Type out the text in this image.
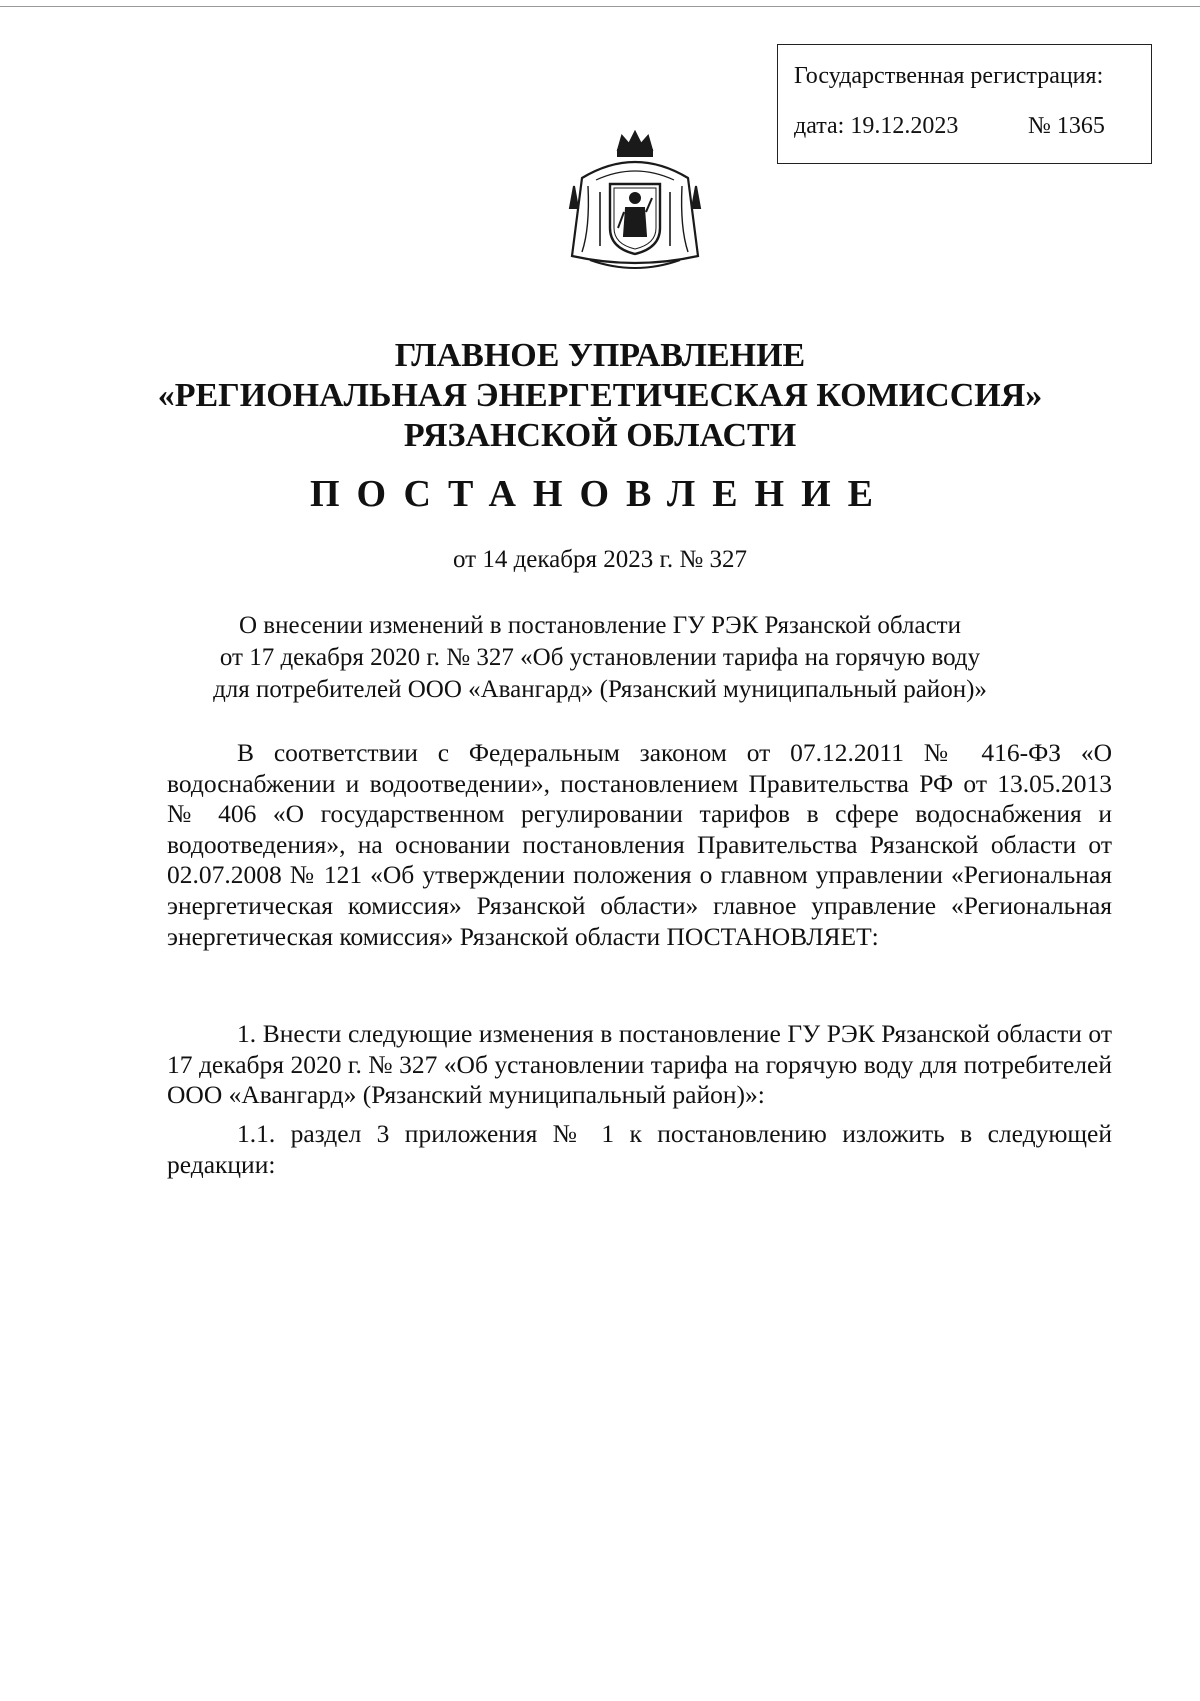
Государственная регистрация:
дата: 19.12.2023	№ 1365
ГЛАВНОЕ УПРАВЛЕНИЕ
«РЕГИОНАЛЬНАЯ ЭНЕРГЕТИЧЕСКАЯ КОМИССИЯ»
РЯЗАНСКОЙ ОБЛАСТИ
ПОСТАНОВЛЕНИЕ
от 14 декабря 2023 г. № 327
О внесении изменений в постановление ГУ РЭК Рязанской области
от 17 декабря 2020 г. № 327 «Об установлении тарифа на горячую воду
для потребителей ООО «Авангард» (Рязанский муниципальный район)»
В соответствии с Федеральным законом от 07.12.2011 № 416-ФЗ «О водоснабжении и водоотведении», постановлением Правительства РФ от 13.05.2013 № 406 «О государственном регулировании тарифов в сфере водоснабжения и водоотведения», на основании постановления Правительства Рязанской области от 02.07.2008 № 121 «Об утверждении положения о главном управлении «Региональная энергетическая комиссия» Рязанской области» главное управление «Региональная энергетическая комиссия» Рязанской области ПОСТАНОВЛЯЕТ:
1. Внести следующие изменения в постановление ГУ РЭК Рязанской области от 17 декабря 2020 г. № 327 «Об установлении тарифа на горячую воду для потребителей ООО «Авангард» (Рязанский муниципальный район)»:
1.1. раздел 3 приложения № 1 к постановлению изложить в следующей редакции:
